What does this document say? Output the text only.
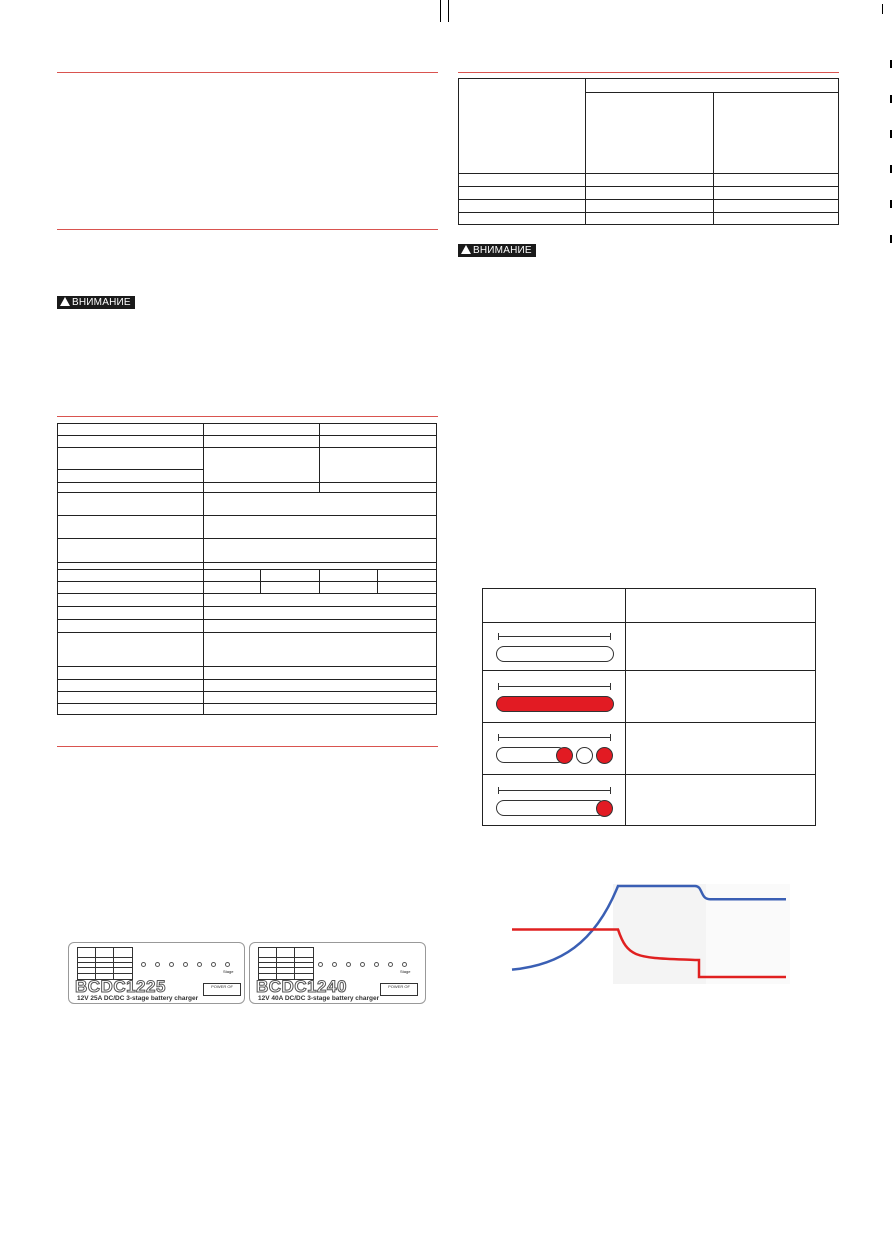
ВНИМАНИЕ
Stage
BCDC1225
12V 25A DC/DC 3-stage battery charger
POWER OF
Stage
BCDC1240
12V 40A DC/DC 3-stage battery charger
POWER OF
ВНИМАНИЕ
